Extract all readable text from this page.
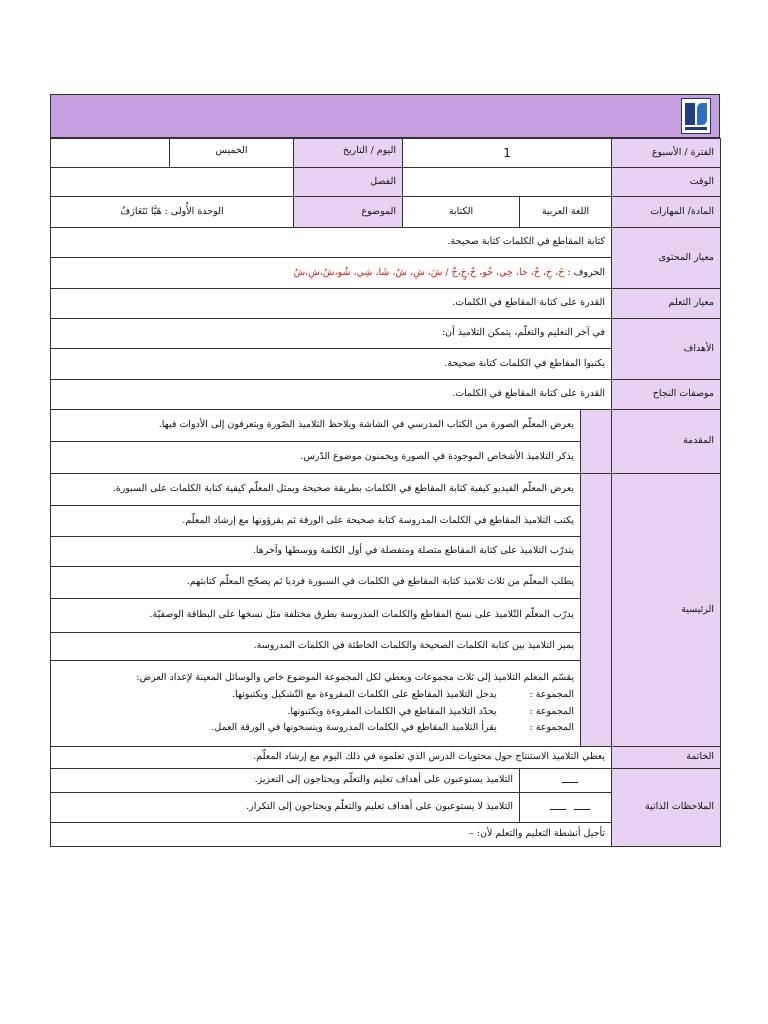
الفترة / الأسبوع	1			اليوم / التاريخ	الخميس	
الوقت				الفصل		
المادة/ المهارات	اللغة العربية		الكتابة	الموضوع	الوحدة الأُولى : هَيَّا نَتَعَارَفُ	
معيار المحتوى	كتابة المقاطع في الكلمات كتابة صحيحة.					
	الحروف : خَ، خِ، خُ، خا، خِي، خُو، خٌ،خٍ،خٌ / شَ، شِ، شُ، شَا، شِي، شُو،شُ،شِ،شٌ					
معيار التعلم	القدرة على كتابة المقاطع في الكلمات.					
الأهداف	في آخر التعليم والتعلّم، يتمكن التلاميذ أن:					
	يكتبوا المقاطع في الكلمات كتابة صحيحة.					
موصفات النجاح	القدرة على كتابة المقاطع في الكلمات.					
المقدمة		يعرض المعلّم الصورة من الكتاب المدرسي في الشاشة ويلاحظ التلاميذ الصّورة ويتعرفون إلى الأدوات فيها.				
		يذكر التلاميذ الأشخاص الموجودة في الصورة ويخمنون موضوع الدّرس.				
الرئيسية		يعرض المعلّم الفيديو كيفية كتابة المقاطع في الكلمات بطريقة صحيحة ويمثل المعلّم كيفية كتابة الكلمات على السبورة.				
		يكتب التلاميذ المقاطع في الكلمات المدروسة كتابة صحيحة على الورقة ثم يقرؤونها مع إرشاد المعلّم.				
		يتدرّب التلاميذ على كتابة المقاطع متصلة ومنفصلة في أول الكلمة ووسطها وآخرها.				
		يطلب المعلّم من ثلاث تلاميذ كتابة المقاطع في الكلمات في السبورة فرديا ثم يصحّح المعلّم كتابتهم.				
		يدرّب المعلّم التّلاميذ على نسخ المقاطع والكلمات المدروسة بطرق مختلفة مثل نسخها على البطاقة الوصفيّة.				
		يميز التلاميذ بين كتابة الكلمات الصحيحة والكلمات الخاطئة في الكلمات المدروسة.				

		يقسّم المعلم التلاميذ إلى ثلاث مجموعات ويعطي لكل المجموعة الموضوع خاص والوسائل المعينة لإعداد العرض:
المجموعة :يدخل التلاميذ المقاطع على الكلمات المقروءة مع التّشكيل ويكتبونها.
المجموعة :يحدّد التلاميذ المقاطع في الكلمات المقروءة ويكتبونها.
المجموعة :يقرأ التلاميذ المقاطع في الكلمات المدروسة وينسخونها في الورقة العمل.				

الخاتمة	يعطي التلاميذ الاستنتاج حول محتويات الدرس الذي تعلموه في ذلك اليوم مع إرشاد المعلّم.					
الملاحظات الذاتية			التلاميذ يستوعبون على أهداف تعليم والتعلّم ويحتاجون إلى التعزيز.			
			التلاميذ لا يستوعبون على أهداف تعليم والتعلّم ويحتاجون إلى التكرار.			
	تأجيل أنشطة التعليم والتعلم لأن: –					
